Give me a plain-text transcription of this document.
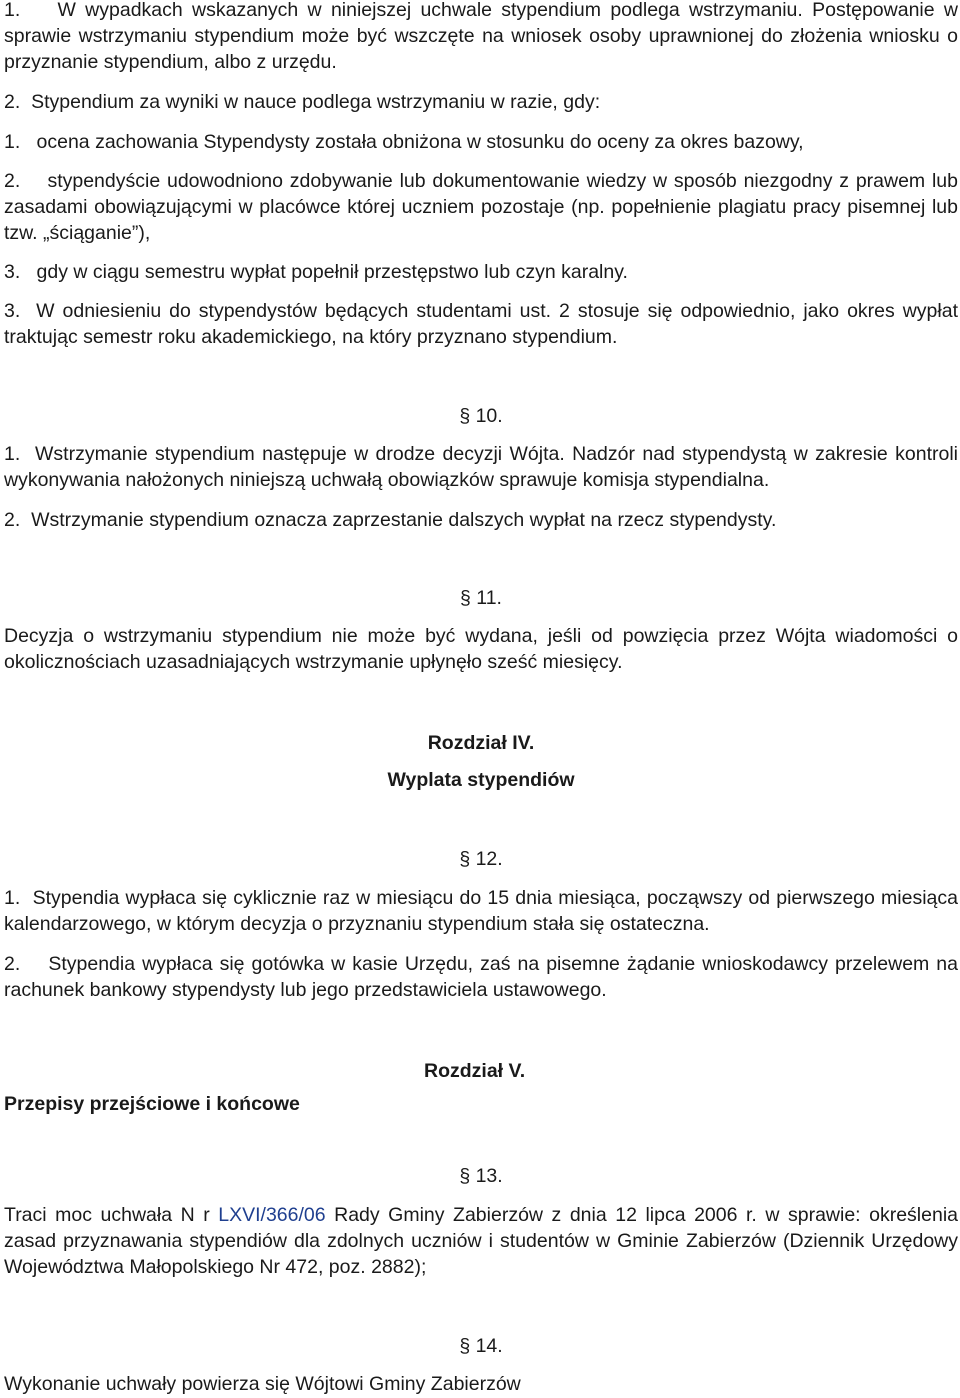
1.    W wypadkach wskazanych w niniejszej uchwale stypendium podlega wstrzymaniu. Postępowanie w sprawie wstrzymaniu stypendium może być wszczęte na wniosek osoby uprawnionej do złożenia wniosku o przyznanie stypendium, albo z urzędu.

2.  Stypendium za wyniki w nauce podlega wstrzymaniu w razie, gdy:

1.   ocena zachowania Stypendysty została obniżona w stosunku do oceny za okres bazowy,

2.    stypendyście udowodniono zdobywanie lub dokumentowanie wiedzy w sposób niezgodny z prawem lub zasadami obowiązującymi w placówce której uczniem pozostaje (np. popełnienie plagiatu pracy pisemnej lub tzw. „ściąganie”),

3.   gdy w ciągu semestru wypłat popełnił przestępstwo lub czyn karalny.

3.  W odniesieniu do stypendystów będących studentami ust. 2 stosuje się odpowiednio, jako okres wypłat traktując semestr roku akademickiego, na który przyznano stypendium.

§ 10.

1.  Wstrzymanie stypendium następuje w drodze decyzji Wójta. Nadzór nad stypendystą w zakresie kontroli wykonywania nałożonych niniejszą uchwałą obowiązków sprawuje komisja stypendialna.

2.  Wstrzymanie stypendium oznacza zaprzestanie dalszych wypłat na rzecz stypendysty.

§ 11.

Decyzja o wstrzymaniu stypendium nie może być wydana, jeśli od powzięcia przez Wójta wiadomości o okolicznościach uzasadniających wstrzymanie upłynęło sześć miesięcy.

Rozdział IV.

Wyplata stypendiów

§ 12.

1.  Stypendia wypłaca się cyklicznie raz w miesiącu do 15 dnia miesiąca, począwszy od pierwszego miesiąca kalendarzowego, w którym decyzja o przyznaniu stypendium stała się ostateczna.

2.    Stypendia wypłaca się gotówka w kasie Urzędu, zaś na pisemne żądanie wnioskodawcy przelewem na rachunek bankowy stypendysty lub jego przedstawiciela ustawowego.

Rozdział V.

Przepisy przejściowe i końcowe

§ 13.

Traci moc uchwała N r LXVI/366/06 Rady Gminy Zabierzów z dnia 12 lipca 2006 r. w sprawie: określenia zasad przyznawania stypendiów dla zdolnych uczniów i studentów w Gminie Zabierzów (Dziennik Urzędowy Województwa Małopolskiego Nr 472, poz. 2882);

§ 14.

Wykonanie uchwały powierza się Wójtowi Gminy Zabierzów
